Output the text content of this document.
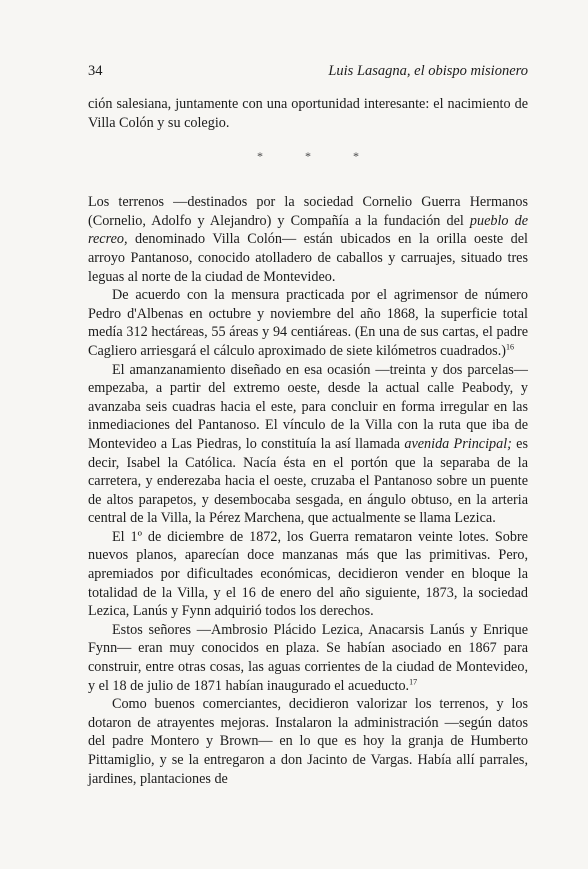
34	Luis Lasagna, el obispo misionero

ción salesiana, juntamente con una oportunidad interesante: el nacimiento de Villa Colón y su colegio.

*	*	*

Los terrenos —destinados por la sociedad Cornelio Guerra Hermanos (Cornelio, Adolfo y Alejandro) y Compañía a la fundación del pueblo de recreo, denominado Villa Colón— están ubicados en la orilla oeste del arroyo Pantanoso, conocido atolladero de caballos y carruajes, situado tres leguas al norte de la ciudad de Montevideo.

De acuerdo con la mensura practicada por el agrimensor de número Pedro d'Albenas en octubre y noviembre del año 1868, la superficie total medía 312 hectáreas, 55 áreas y 94 centiáreas. (En una de sus cartas, el padre Cagliero arriesgará el cálculo aproximado de siete kilómetros cuadrados.)$^{16}$

El amanzanamiento diseñado en esa ocasión —treinta y dos parcelas— empezaba, a partir del extremo oeste, desde la actual calle Peabody, y avanzaba seis cuadras hacia el este, para concluir en forma irregular en las inmediaciones del Pantanoso. El vínculo de la Villa con la ruta que iba de Montevideo a Las Piedras, lo constituía la así llamada avenida Principal; es decir, Isabel la Católica. Nacía ésta en el portón que la separaba de la carretera, y enderezaba hacia el oeste, cruzaba el Pantanoso sobre un puente de altos parapetos, y desembocaba sesgada, en ángulo obtuso, en la arteria central de la Villa, la Pérez Marchena, que actualmente se llama Lezica.

El 1º de diciembre de 1872, los Guerra remataron veinte lotes. Sobre nuevos planos, aparecían doce manzanas más que las primitivas. Pero, apremiados por dificultades económicas, decidieron vender en bloque la totalidad de la Villa, y el 16 de enero del año siguiente, 1873, la sociedad Lezica, Lanús y Fynn adquirió todos los derechos.

Estos señores —Ambrosio Plácido Lezica, Anacarsis Lanús y Enrique Fynn— eran muy conocidos en plaza. Se habían asociado en 1867 para construir, entre otras cosas, las aguas corrientes de la ciudad de Montevideo, y el 18 de julio de 1871 habían inaugurado el acueducto.$^{17}$

Como buenos comerciantes, decidieron valorizar los terrenos, y los dotaron de atrayentes mejoras. Instalaron la administración —según datos del padre Montero y Brown— en lo que es hoy la granja de Humberto Pittamiglio, y se la entregaron a don Jacinto de Vargas. Había allí parrales, jardines, plantaciones de
